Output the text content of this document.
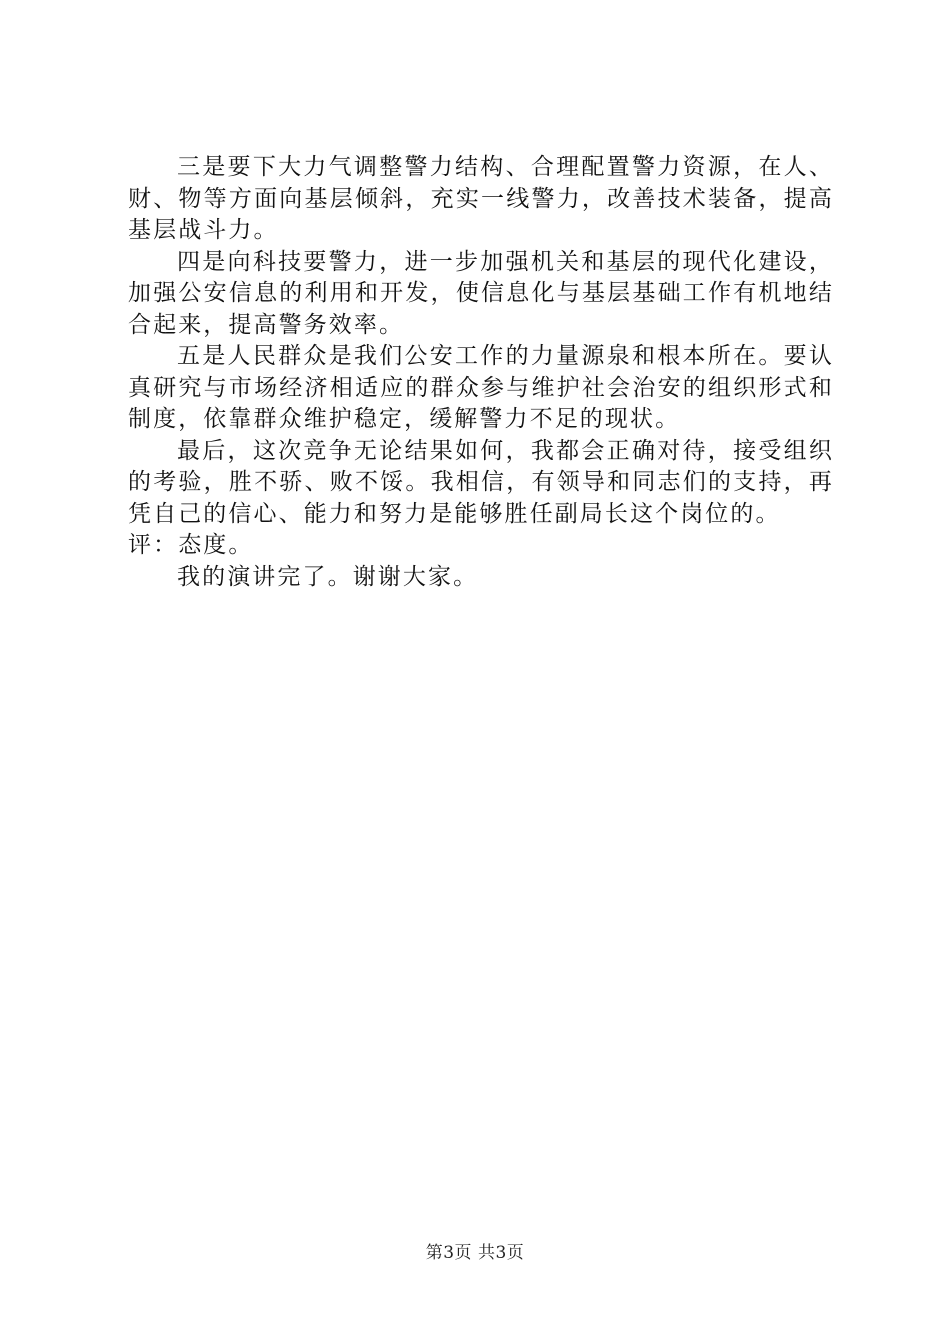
三是要下大力气调整警力结构、合理配置警力资源，在人、财、物等方面向基层倾斜，充实一线警力，改善技术装备，提高基层战斗力。

四是向科技要警力，进一步加强机关和基层的现代化建设，加强公安信息的利用和开发，使信息化与基层基础工作有机地结合起来，提高警务效率。

五是人民群众是我们公安工作的力量源泉和根本所在。要认真研究与市场经济相适应的群众参与维护社会治安的组织形式和制度，依靠群众维护稳定，缓解警力不足的现状。

最后，这次竞争无论结果如何，我都会正确对待，接受组织的考验，胜不骄、败不馁。我相信，有领导和同志们的支持，再凭自己的信心、能力和努力是能够胜任副局长这个岗位的。

评：态度。

我的演讲完了。谢谢大家。

第3页 共3页
